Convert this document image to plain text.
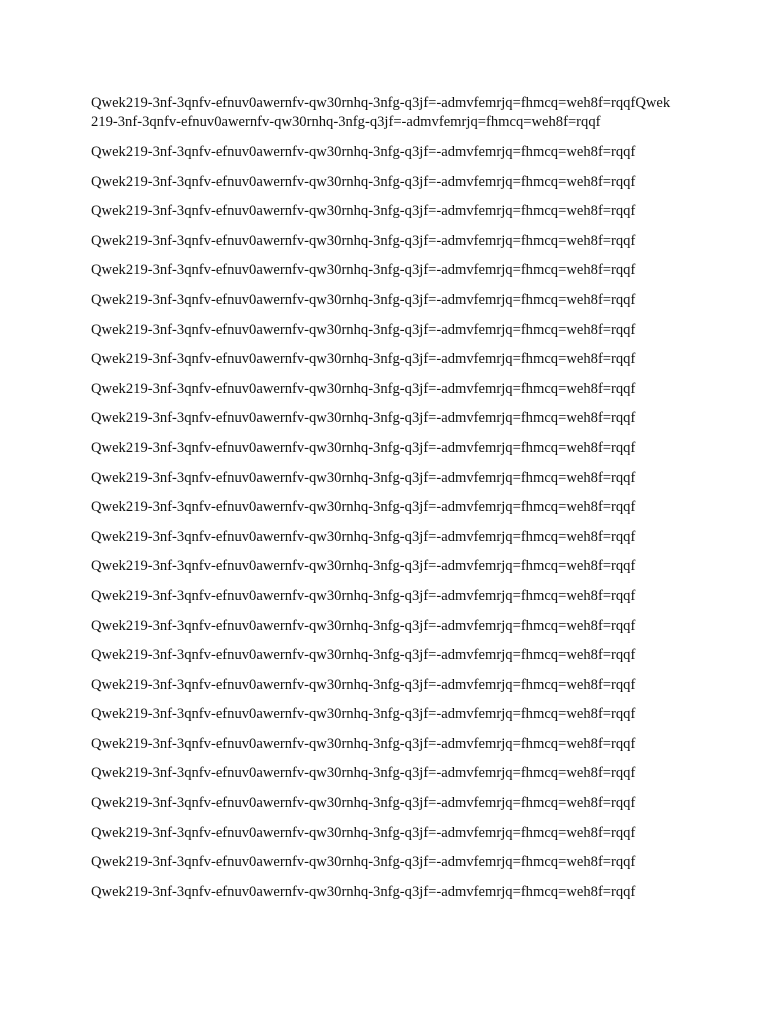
Qwek219-3nf-3qnfv-efnuv0awernfv-qw30rnhq-3nfg-q3jf=-admvfemrjq=fhmcq=weh8f=rqqfQwek219-3nf-3qnfv-efnuv0awernfv-qw30rnhq-3nfg-q3jf=-admvfemrjq=fhmcq=weh8f=rqqf

Qwek219-3nf-3qnfv-efnuv0awernfv-qw30rnhq-3nfg-q3jf=-admvfemrjq=fhmcq=weh8f=rqqf

Qwek219-3nf-3qnfv-efnuv0awernfv-qw30rnhq-3nfg-q3jf=-admvfemrjq=fhmcq=weh8f=rqqf

Qwek219-3nf-3qnfv-efnuv0awernfv-qw30rnhq-3nfg-q3jf=-admvfemrjq=fhmcq=weh8f=rqqf

Qwek219-3nf-3qnfv-efnuv0awernfv-qw30rnhq-3nfg-q3jf=-admvfemrjq=fhmcq=weh8f=rqqf

Qwek219-3nf-3qnfv-efnuv0awernfv-qw30rnhq-3nfg-q3jf=-admvfemrjq=fhmcq=weh8f=rqqf

Qwek219-3nf-3qnfv-efnuv0awernfv-qw30rnhq-3nfg-q3jf=-admvfemrjq=fhmcq=weh8f=rqqf

Qwek219-3nf-3qnfv-efnuv0awernfv-qw30rnhq-3nfg-q3jf=-admvfemrjq=fhmcq=weh8f=rqqf

Qwek219-3nf-3qnfv-efnuv0awernfv-qw30rnhq-3nfg-q3jf=-admvfemrjq=fhmcq=weh8f=rqqf

Qwek219-3nf-3qnfv-efnuv0awernfv-qw30rnhq-3nfg-q3jf=-admvfemrjq=fhmcq=weh8f=rqqf

Qwek219-3nf-3qnfv-efnuv0awernfv-qw30rnhq-3nfg-q3jf=-admvfemrjq=fhmcq=weh8f=rqqf

Qwek219-3nf-3qnfv-efnuv0awernfv-qw30rnhq-3nfg-q3jf=-admvfemrjq=fhmcq=weh8f=rqqf

Qwek219-3nf-3qnfv-efnuv0awernfv-qw30rnhq-3nfg-q3jf=-admvfemrjq=fhmcq=weh8f=rqqf

Qwek219-3nf-3qnfv-efnuv0awernfv-qw30rnhq-3nfg-q3jf=-admvfemrjq=fhmcq=weh8f=rqqf

Qwek219-3nf-3qnfv-efnuv0awernfv-qw30rnhq-3nfg-q3jf=-admvfemrjq=fhmcq=weh8f=rqqf

Qwek219-3nf-3qnfv-efnuv0awernfv-qw30rnhq-3nfg-q3jf=-admvfemrjq=fhmcq=weh8f=rqqf

Qwek219-3nf-3qnfv-efnuv0awernfv-qw30rnhq-3nfg-q3jf=-admvfemrjq=fhmcq=weh8f=rqqf

Qwek219-3nf-3qnfv-efnuv0awernfv-qw30rnhq-3nfg-q3jf=-admvfemrjq=fhmcq=weh8f=rqqf

Qwek219-3nf-3qnfv-efnuv0awernfv-qw30rnhq-3nfg-q3jf=-admvfemrjq=fhmcq=weh8f=rqqf

Qwek219-3nf-3qnfv-efnuv0awernfv-qw30rnhq-3nfg-q3jf=-admvfemrjq=fhmcq=weh8f=rqqf

Qwek219-3nf-3qnfv-efnuv0awernfv-qw30rnhq-3nfg-q3jf=-admvfemrjq=fhmcq=weh8f=rqqf

Qwek219-3nf-3qnfv-efnuv0awernfv-qw30rnhq-3nfg-q3jf=-admvfemrjq=fhmcq=weh8f=rqqf

Qwek219-3nf-3qnfv-efnuv0awernfv-qw30rnhq-3nfg-q3jf=-admvfemrjq=fhmcq=weh8f=rqqf

Qwek219-3nf-3qnfv-efnuv0awernfv-qw30rnhq-3nfg-q3jf=-admvfemrjq=fhmcq=weh8f=rqqf

Qwek219-3nf-3qnfv-efnuv0awernfv-qw30rnhq-3nfg-q3jf=-admvfemrjq=fhmcq=weh8f=rqqf

Qwek219-3nf-3qnfv-efnuv0awernfv-qw30rnhq-3nfg-q3jf=-admvfemrjq=fhmcq=weh8f=rqqf

Qwek219-3nf-3qnfv-efnuv0awernfv-qw30rnhq-3nfg-q3jf=-admvfemrjq=fhmcq=weh8f=rqqf
